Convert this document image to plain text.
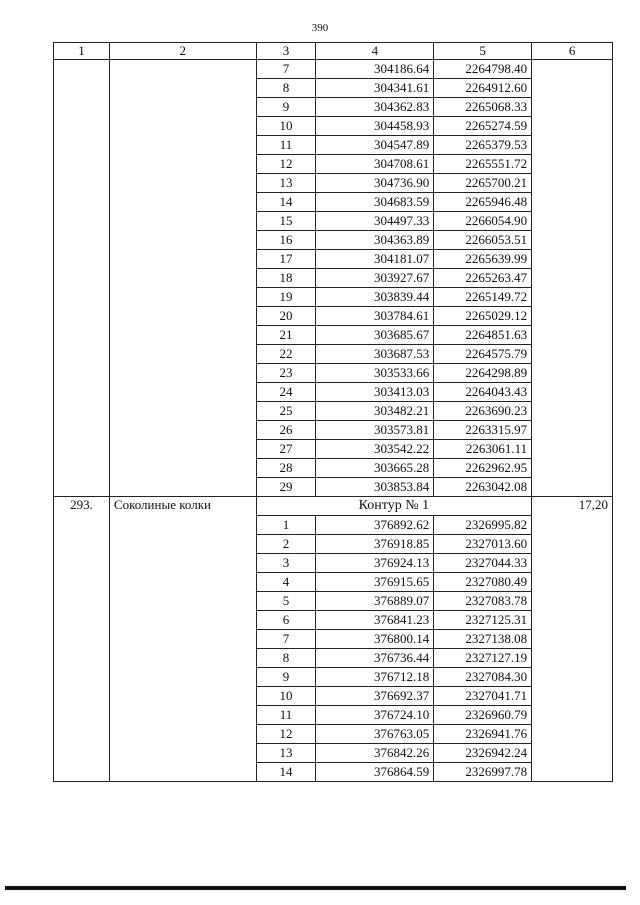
390
1	2	3	4	5	6
		7	304186.64	2264798.40	
		8	304341.61	2264912.60	
		9	304362.83	2265068.33	
		10	304458.93	2265274.59	
		11	304547.89	2265379.53	
		12	304708.61	2265551.72	
		13	304736.90	2265700.21	
		14	304683.59	2265946.48	
		15	304497.33	2266054.90	
		16	304363.89	2266053.51	
		17	304181.07	2265639.99	
		18	303927.67	2265263.47	
		19	303839.44	2265149.72	
		20	303784.61	2265029.12	
		21	303685.67	2264851.63	
		22	303687.53	2264575.79	
		23	303533.66	2264298.89	
		24	303413.03	2264043.43	
		25	303482.21	2263690.23	
		26	303573.81	2263315.97	
		27	303542.22	2263061.11	
		28	303665.28	2262962.95	
		29	303853.84	2263042.08	
293.	Соколиные колки	Контур № 1			17,20
		1	376892.62	2326995.82	
		2	376918.85	2327013.60	
		3	376924.13	2327044.33	
		4	376915.65	2327080.49	
		5	376889.07	2327083.78	
		6	376841.23	2327125.31	
		7	376800.14	2327138.08	
		8	376736.44	2327127.19	
		9	376712.18	2327084.30	
		10	376692.37	2327041.71	
		11	376724.10	2326960.79	
		12	376763.05	2326941.76	
		13	376842.26	2326942.24	
		14	376864.59	2326997.78	
